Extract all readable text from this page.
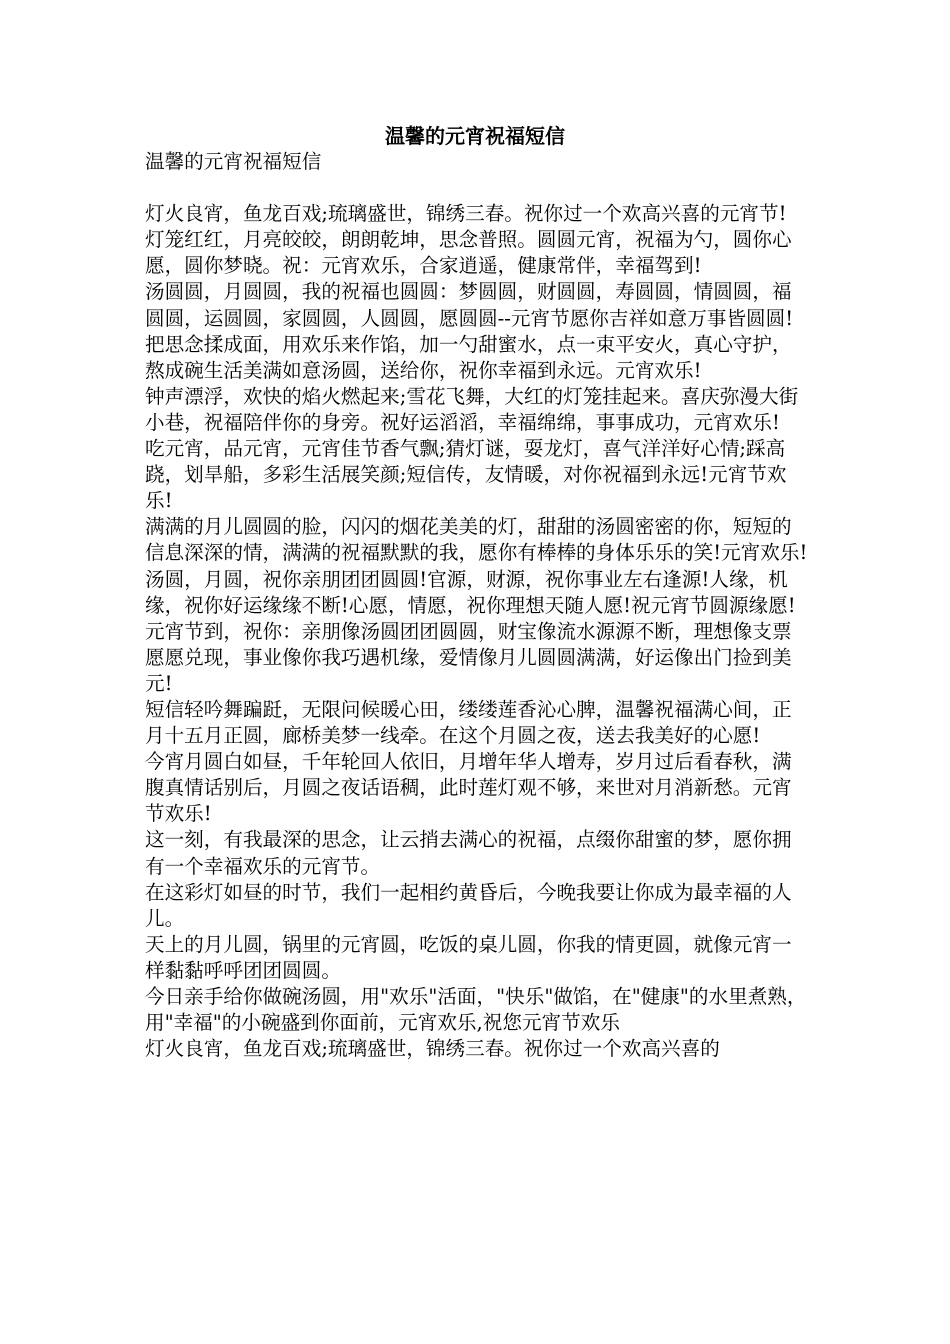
温馨的元宵祝福短信
温馨的元宵祝福短信

灯火良宵，鱼龙百戏;琉璃盛世，锦绣三春。祝你过一个欢高兴喜的元宵节!

灯笼红红，月亮皎皎，朗朗乾坤，思念普照。圆圆元宵，祝福为勺，圆你心愿，圆你梦晓。祝：元宵欢乐，合家逍遥，健康常伴，幸福驾到!

汤圆圆，月圆圆，我的祝福也圆圆：梦圆圆，财圆圆，寿圆圆，情圆圆，福圆圆，运圆圆，家圆圆，人圆圆，愿圆圆--元宵节愿你吉祥如意万事皆圆圆!

把思念揉成面，用欢乐来作馅，加一勺甜蜜水，点一束平安火，真心守护，熬成碗生活美满如意汤圆，送给你，祝你幸福到永远。元宵欢乐!

钟声漂浮，欢快的焰火燃起来;雪花飞舞，大红的灯笼挂起来。喜庆弥漫大街小巷，祝福陪伴你的身旁。祝好运滔滔，幸福绵绵，事事成功，元宵欢乐!

吃元宵，品元宵，元宵佳节香气飘;猜灯谜，耍龙灯，喜气洋洋好心情;踩高跷，划旱船，多彩生活展笑颜;短信传，友情暖，对你祝福到永远!元宵节欢乐!

满满的月儿圆圆的脸，闪闪的烟花美美的灯，甜甜的汤圆密密的你，短短的信息深深的情，满满的祝福默默的我，愿你有棒棒的身体乐乐的笑!元宵欢乐!

汤圆，月圆，祝你亲朋团团圆圆!官源，财源，祝你事业左右逢源!人缘，机缘，祝你好运缘缘不断!心愿，情愿，祝你理想天随人愿!祝元宵节圆源缘愿!

元宵节到，祝你：亲朋像汤圆团团圆圆，财宝像流水源源不断，理想像支票愿愿兑现，事业像你我巧遇机缘，爱情像月儿圆圆满满，好运像出门捡到美元!

短信轻吟舞蹁跹，无限问候暖心田，缕缕莲香沁心脾，温馨祝福满心间，正月十五月正圆，廊桥美梦一线牵。在这个月圆之夜，送去我美好的心愿!

今宵月圆白如昼，千年轮回人依旧，月增年华人增寿，岁月过后看春秋，满腹真情话别后，月圆之夜话语稠，此时莲灯观不够，来世对月消新愁。元宵节欢乐!

这一刻，有我最深的思念，让云捎去满心的祝福，点缀你甜蜜的梦，愿你拥有一个幸福欢乐的元宵节。

在这彩灯如昼的时节，我们一起相约黄昏后，今晚我要让你成为最幸福的人儿。

天上的月儿圆，锅里的元宵圆，吃饭的桌儿圆，你我的情更圆，就像元宵一样黏黏呼呼团团圆圆。

今日亲手给你做碗汤圆，用"欢乐"活面，"快乐"做馅，在"健康"的水里煮熟，用"幸福"的小碗盛到你面前，元宵欢乐,祝您元宵节欢乐

灯火良宵，鱼龙百戏;琉璃盛世，锦绣三春。祝你过一个欢高兴喜的
